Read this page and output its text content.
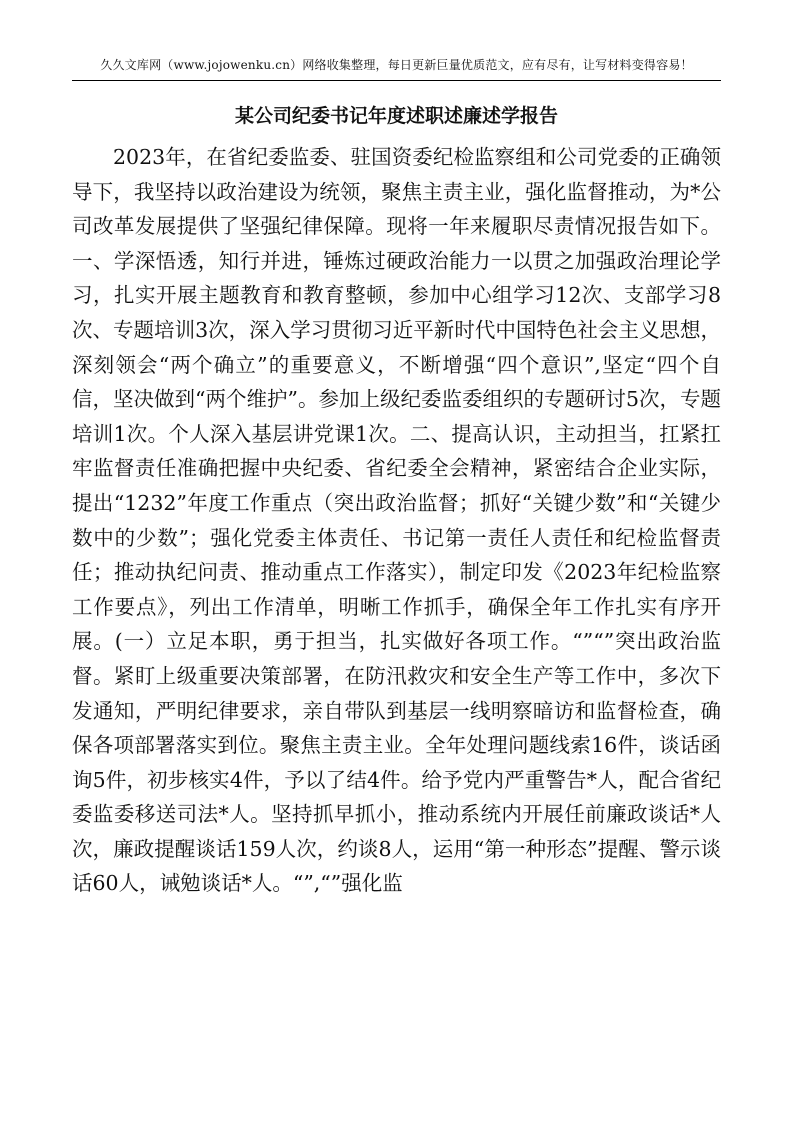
久久文库网（www.jojowenku.cn）网络收集整理，每日更新巨量优质范文，应有尽有，让写材料变得容易！
某公司纪委书记年度述职述廉述学报告

2023年，在省纪委监委、驻国资委纪检监察组和公司党委的正确领导下，我坚持以政治建设为统领，聚焦主责主业，强化监督推动，为*公司改革发展提供了坚强纪律保障。现将一年来履职尽责情况报告如下。一、学深悟透，知行并进，锤炼过硬政治能力一以贯之加强政治理论学习，扎实开展主题教育和教育整顿，参加中心组学习12次、支部学习8次、专题培训3次，深入学习贯彻习近平新时代中国特色社会主义思想，深刻领会“两个确立”的重要意义，不断增强“四个意识”,坚定“四个自信，坚决做到“两个维护”。参加上级纪委监委组织的专题研讨5次，专题培训1次。个人深入基层讲党课1次。二、提高认识，主动担当，扛紧扛牢监督责任准确把握中央纪委、省纪委全会精神，紧密结合企业实际，提出“1232”年度工作重点（突出政治监督；抓好“关键少数”和“关键少数中的少数”；强化党委主体责任、书记第一责任人责任和纪检监督责任；推动执纪问责、推动重点工作落实），制定印发《2023年纪检监察工作要点》，列出工作清单，明晰工作抓手，确保全年工作扎实有序开展。(一）立足本职，勇于担当，扎实做好各项工作。“”“”突出政治监督。紧盯上级重要决策部署，在防汛救灾和安全生产等工作中，多次下发通知，严明纪律要求，亲自带队到基层一线明察暗访和监督检查，确保各项部署落实到位。聚焦主责主业。全年处理问题线索16件，谈话函询5件，初步核实4件，予以了结4件。给予党内严重警告*人，配合省纪委监委移送司法*人。坚持抓早抓小，推动系统内开展任前廉政谈话*人次，廉政提醒谈话159人次，约谈8人，运用“第一种形态”提醒、警示谈话60人，诫勉谈话*人。“”,“”强化监
